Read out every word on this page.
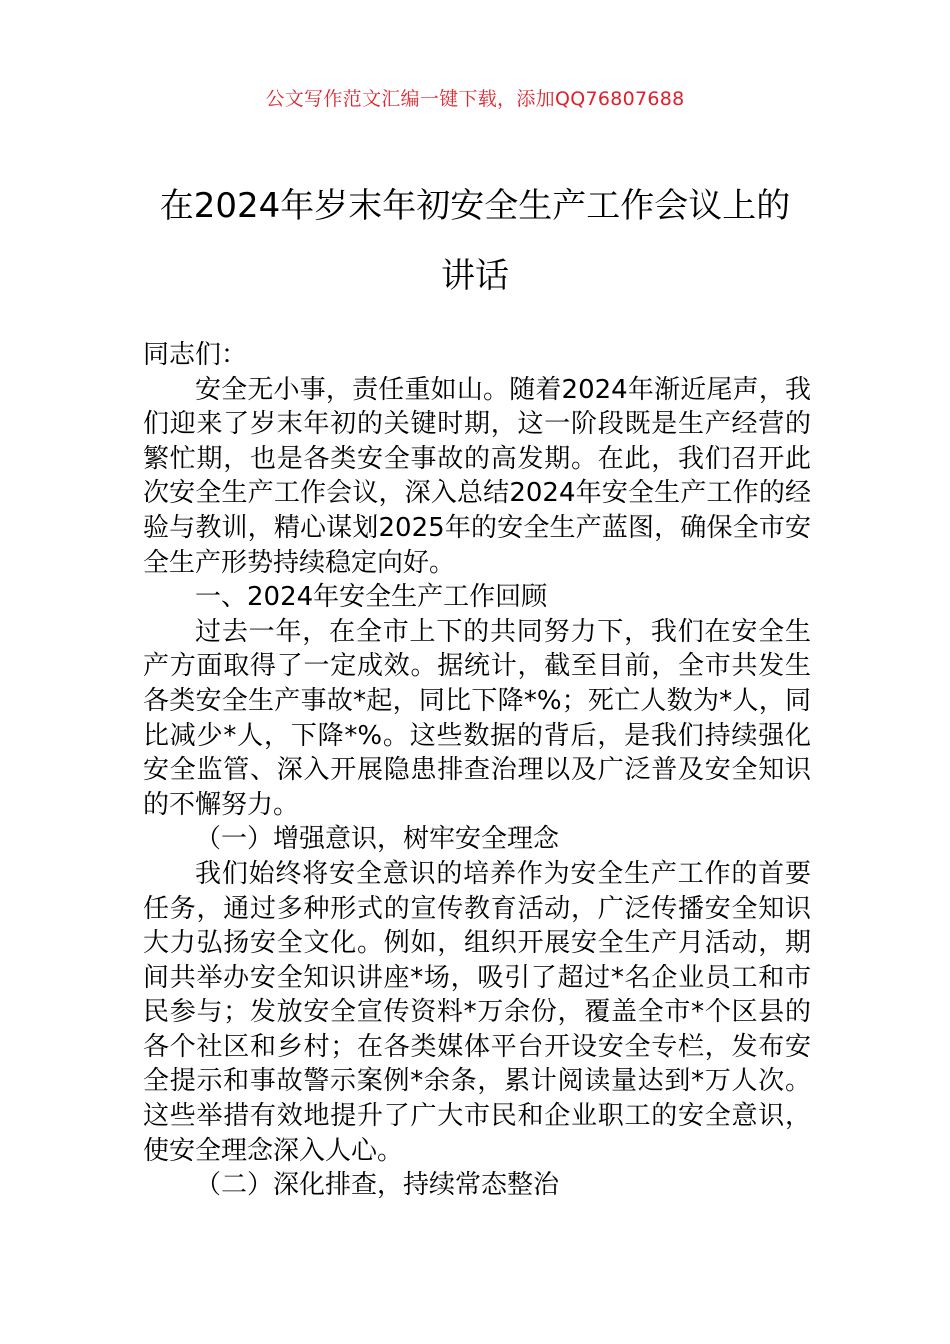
公文写作范文汇编一键下载，添加QQ76807688
在2024年岁末年初安全生产工作会议上的
讲话

同志们：

安全无小事，责任重如山。随着2024年渐近尾声，我们迎来了岁末年初的关键时期，这一阶段既是生产经营的繁忙期，也是各类安全事故的高发期。在此，我们召开此次安全生产工作会议，深入总结2024年安全生产工作的经验与教训，精心谋划2025年的安全生产蓝图，确保全市安全生产形势持续稳定向好。

一、2024年安全生产工作回顾

过去一年，在全市上下的共同努力下，我们在安全生产方面取得了一定成效。据统计，截至目前，全市共发生各类安全生产事故*起，同比下降*%；死亡人数为*人，同比减少*人，下降*%。这些数据的背后，是我们持续强化安全监管、深入开展隐患排查治理以及广泛普及安全知识的不懈努力。

（一）增强意识，树牢安全理念

我们始终将安全意识的培养作为安全生产工作的首要任务，通过多种形式的宣传教育活动，广泛传播安全知识大力弘扬安全文化。例如，组织开展安全生产月活动，期间共举办安全知识讲座*场，吸引了超过*名企业员工和市民参与；发放安全宣传资料*万余份，覆盖全市*个区县的各个社区和乡村；在各类媒体平台开设安全专栏，发布安全提示和事故警示案例*余条，累计阅读量达到*万人次。这些举措有效地提升了广大市民和企业职工的安全意识，使安全理念深入人心。

（二）深化排查，持续常态整治
